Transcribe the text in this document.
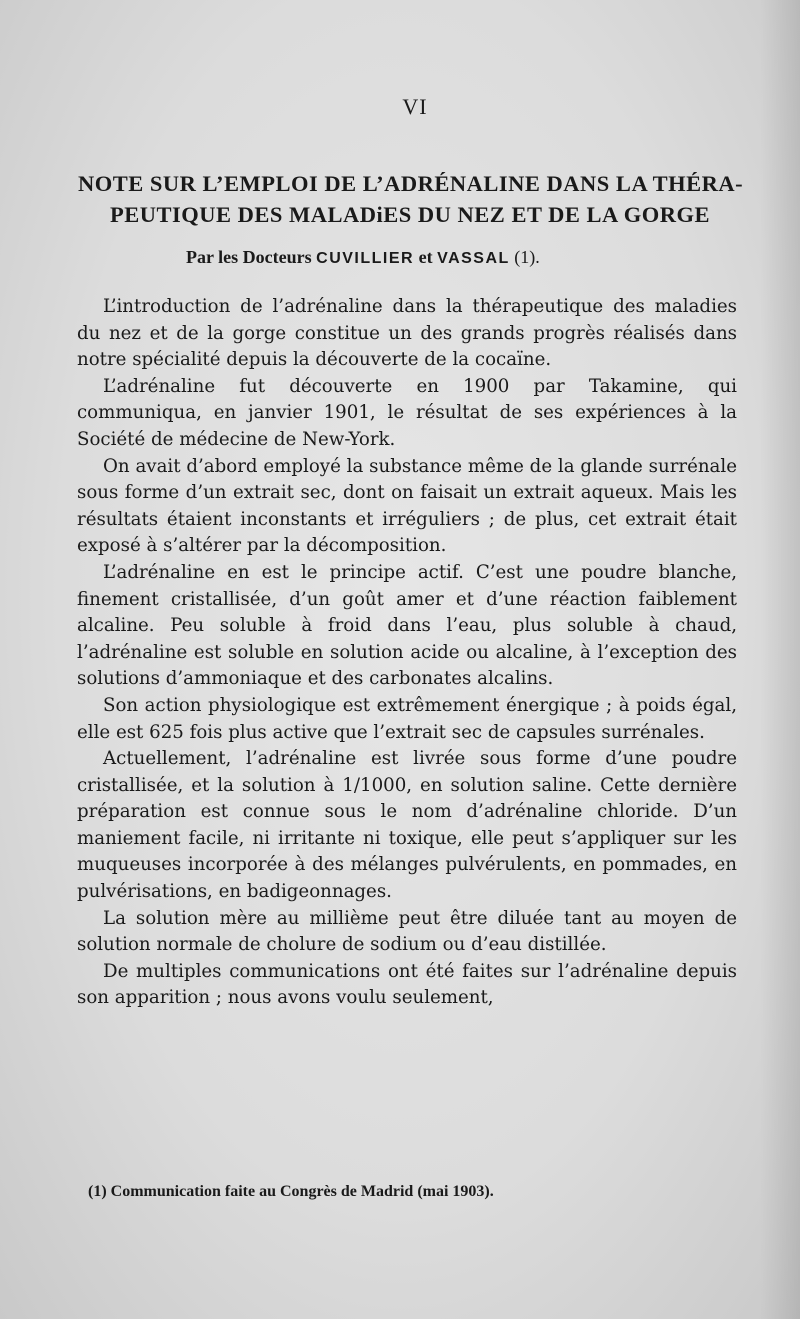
VI
NOTE SUR L’EMPLOI DE L’ADRÉNALINE DANS LA THÉRA-
PEUTIQUE DES MALADiES DU NEZ ET DE LA GORGE
Par les Docteurs CUVILLIER et VASSAL (1).

L’introduction de l’adrénaline dans la thérapeutique des maladies du nez et de la gorge constitue un des grands progrès réalisés dans notre spécialité depuis la découverte de la cocaïne.

L’adrénaline fut découverte en 1900 par Takamine, qui communiqua, en janvier 1901, le résultat de ses expériences à la Société de médecine de New-York.

On avait d’abord employé la substance même de la glande surrénale sous forme d’un extrait sec, dont on faisait un extrait aqueux. Mais les résultats étaient inconstants et irréguliers ; de plus, cet extrait était exposé à s’altérer par la décomposition.

L’adrénaline en est le principe actif. C’est une poudre blanche, finement cristallisée, d’un goût amer et d’une réaction faiblement alcaline. Peu soluble à froid dans l’eau, plus soluble à chaud, l’adrénaline est soluble en solution acide ou alcaline, à l’exception des solutions d’ammoniaque et des carbonates alcalins.

Son action physiologique est extrêmement énergique ; à poids égal, elle est 625 fois plus active que l’extrait sec de capsules surrénales.

Actuellement, l’adrénaline est livrée sous forme d’une poudre cristallisée, et la solution à 1/1000, en solution saline. Cette dernière préparation est connue sous le nom d’adrénaline chloride. D’un maniement facile, ni irritante ni toxique, elle peut s’appliquer sur les muqueuses incorporée à des mélanges pulvérulents, en pommades, en pulvérisations, en badigeonnages.

La solution mère au millième peut être diluée tant au moyen de solution normale de cholure de sodium ou d’eau distillée.

De multiples communications ont été faites sur l’adrénaline depuis son apparition ; nous avons voulu seulement,

(1) Communication faite au Congrès de Madrid (mai 1903).
